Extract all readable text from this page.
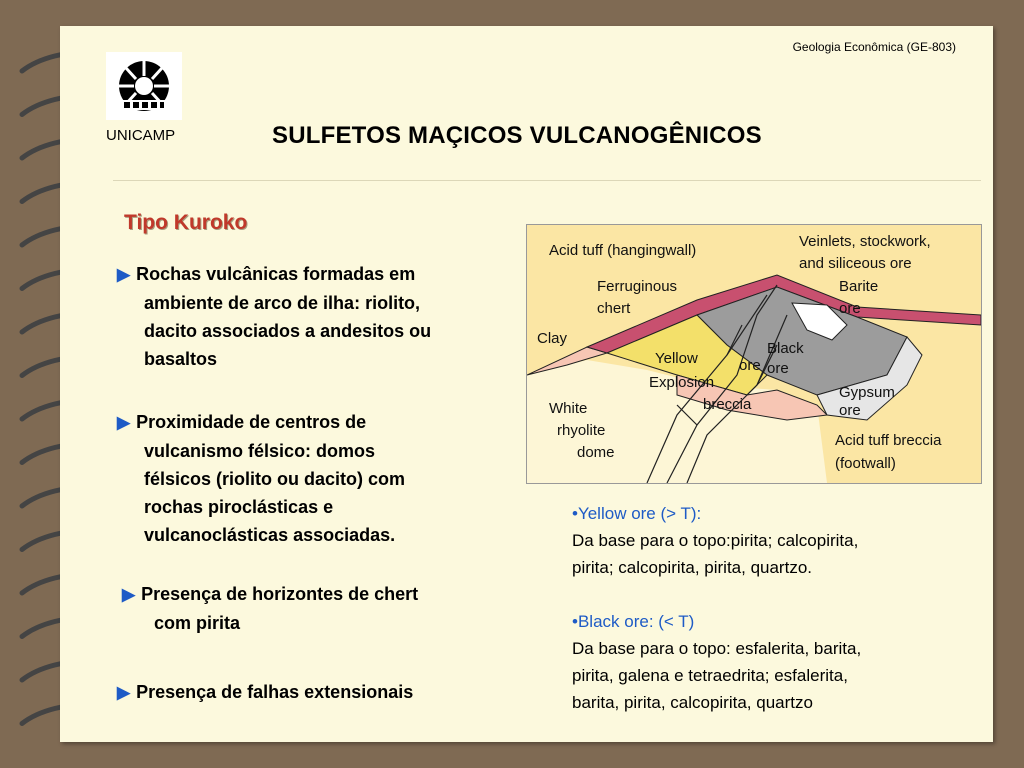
Geologia Econômica (GE-803)
UNICAMP	SULFETOS MAÇICOS VULCANOGÊNICOS
Tipo Kuroko
▶ Rochas vulcânicas formadas em
ambiente de arco de ilha: riolito,
dacito associados a andesitos ou
basaltos
▶ Proximidade de centros de
vulcanismo félsico: domos
félsicos (riolito ou dacito) com
rochas piroclásticas e
vulcanoclásticas associadas.
▶ Presença de horizontes de chert
com pirita
▶ Presença de falhas extensionais
Acid tuff (hangingwall)
Veinlets, stockwork,
and siliceous ore
Barite
ore
Ferruginous
chert
Clay
Black
ore
Yellow	ore
Explosion
breccia
Gypsum
ore
White
rhyolite
dome
Acid tuff breccia
(footwall)
•Yellow ore (> T):
Da base para o topo:pirita; calcopirita,
pirita; calcopirita, pirita, quartzo.
•Black ore: (< T)
Da base para o topo: esfalerita, barita,
pirita, galena e tetraedrita; esfalerita,
barita, pirita, calcopirita, quartzo
